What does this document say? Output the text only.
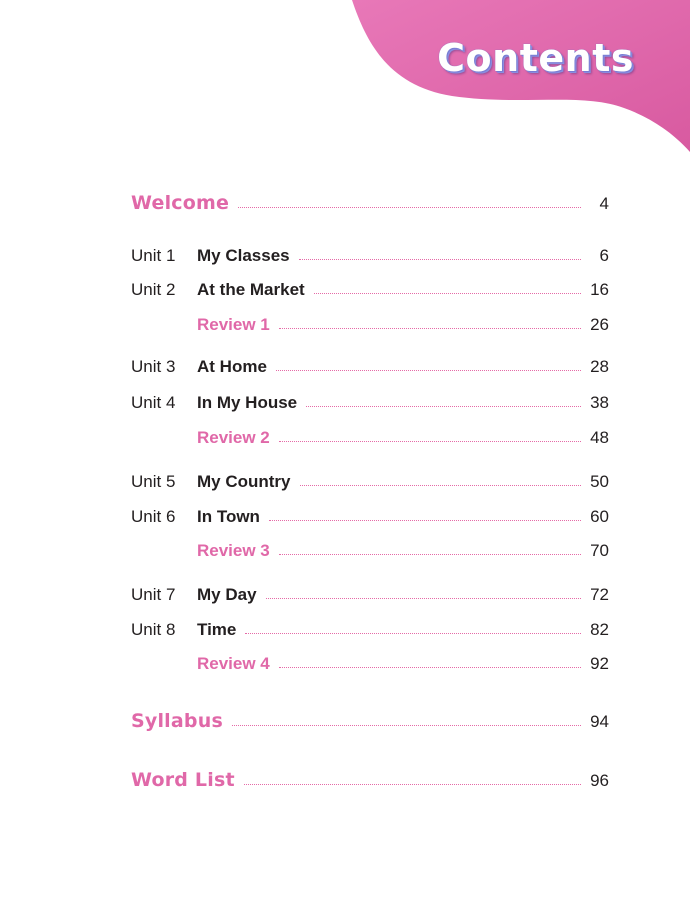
Contents
Welcome	4
Unit 1	My Classes	6
Unit 2	At the Market	16
Review 1	26
Unit 3	At Home	28
Unit 4	In My House	38
Review 2	48
Unit 5	My Country	50
Unit 6	In Town	60
Review 3	70
Unit 7	My Day	72
Unit 8	Time	82
Review 4	92
Syllabus	94
Word List	96
